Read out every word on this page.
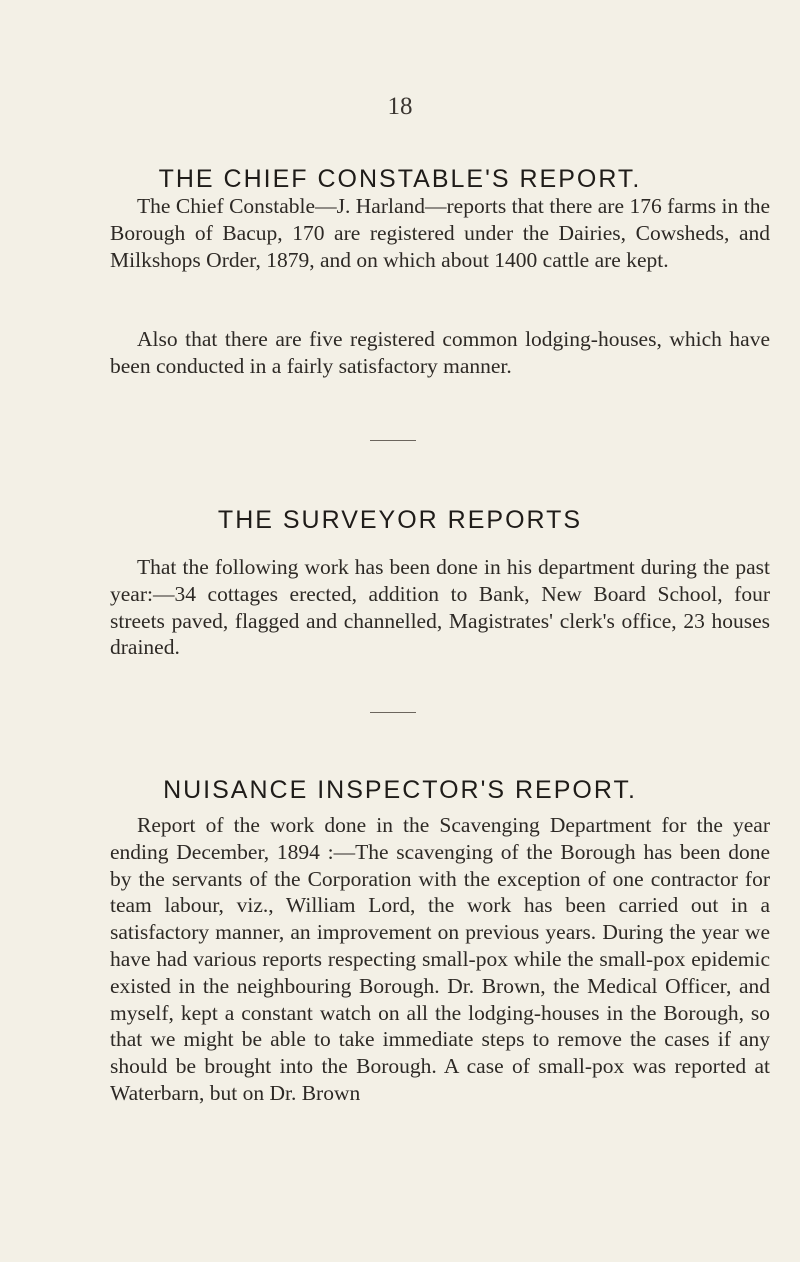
18
THE CHIEF CONSTABLE'S REPORT.
The Chief Constable—J. Harland—reports that there are 176 farms in the Borough of Bacup, 170 are registered under the Dairies, Cowsheds, and Milkshops Order, 1879, and on which about 1400 cattle are kept.
Also that there are five registered common lodging-houses, which have been conducted in a fairly satisfactory manner.
THE SURVEYOR REPORTS
That the following work has been done in his department during the past year:—34 cottages erected, addition to Bank, New Board School, four streets paved, flagged and channelled, Magistrates' clerk's office, 23 houses drained.
NUISANCE INSPECTOR'S REPORT.
Report of the work done in the Scavenging Department for the year ending December, 1894 :—The scavenging of the Borough has been done by the servants of the Corporation with the exception of one contractor for team labour, viz., William Lord, the work has been carried out in a satisfactory manner, an improvement on previous years. During the year we have had various reports respecting small-pox while the small-pox epidemic existed in the neighbouring Borough. Dr. Brown, the Medical Officer, and myself, kept a constant watch on all the lodging-houses in the Borough, so that we might be able to take immediate steps to remove the cases if any should be brought into the Borough. A case of small-pox was reported at Waterbarn, but on Dr. Brown
